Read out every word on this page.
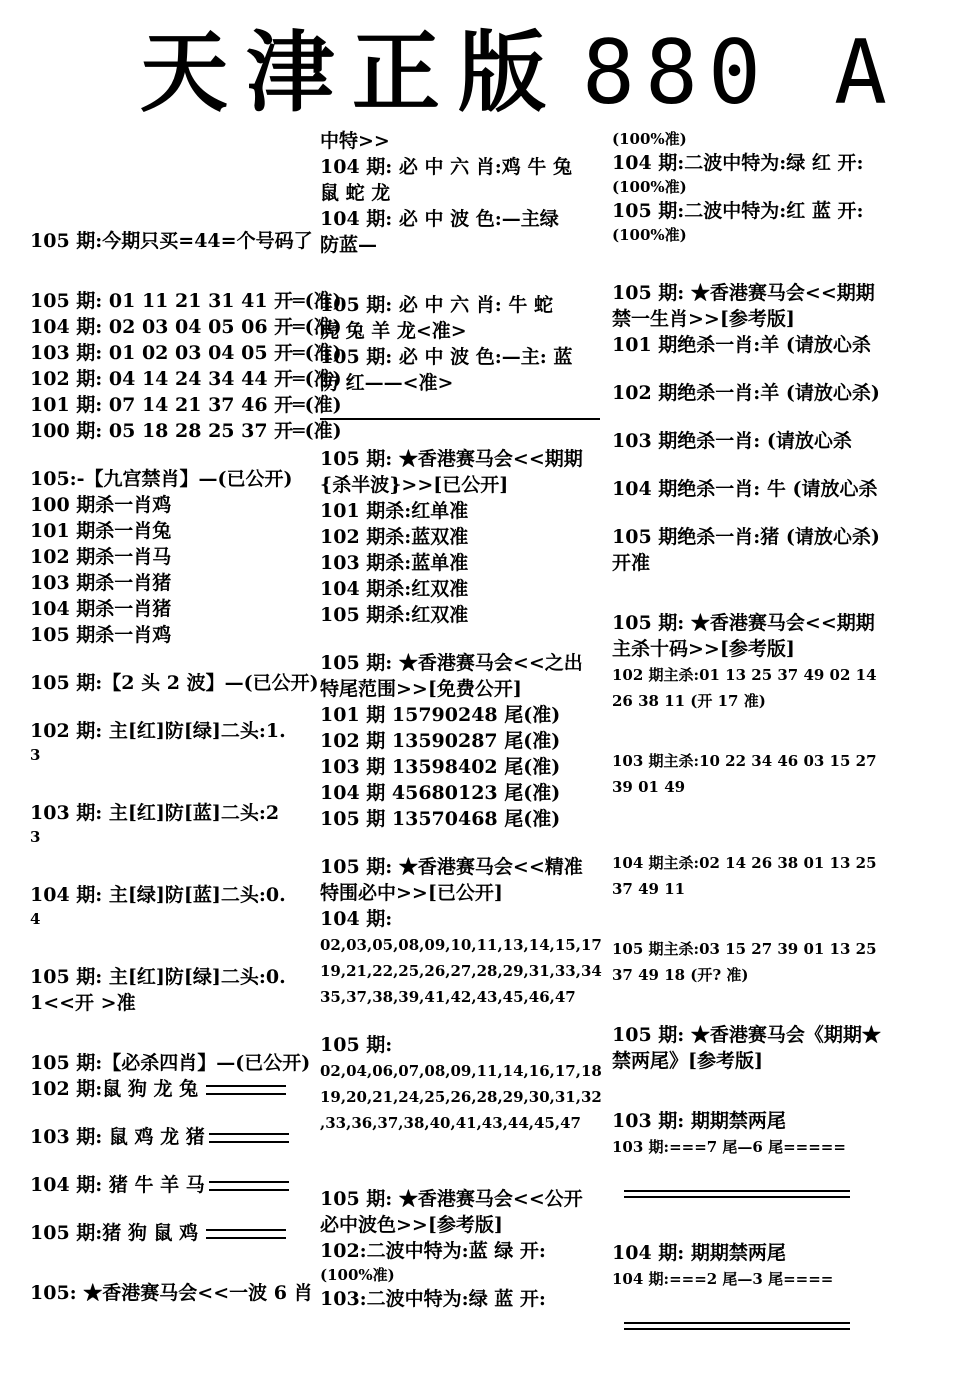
天津正版 880 A
105 期:今期只买=44=个号码了
105 期: 01 11 21 31 41 开═(准)
104 期: 02 03 04 05 06 开═(准)
103 期: 01 02 03 04 05 开═(准)
102 期: 04 14 24 34 44 开═(准)
101 期: 07 14 21 37 46 开═(准)
100 期: 05 18 28 25 37 开═(准)
105:-【九宫禁肖】—(已公开)
100 期杀一肖鸡
101 期杀一肖兔
102 期杀一肖马
103 期杀一肖猪
104 期杀一肖猪
105 期杀一肖鸡
105 期:【2 头 2 波】—(已公开)
102 期: 主[红]防[绿]二头:1.
3
103 期: 主[红]防[蓝]二头:2
3
104 期: 主[绿]防[蓝]二头:0.
4
105 期: 主[红]防[绿]二头:0.
1<<开 >准
105 期:【必杀四肖】—(已公开)
102 期:鼠 狗 龙 兔
103 期: 鼠 鸡 龙 猪
104 期: 猪 牛 羊 马
105 期:猪 狗 鼠 鸡
105: ★香港赛马会<<一波 6 肖
中特>>
104 期: 必 中 六 肖:鸡 牛 兔
鼠 蛇 龙
104 期: 必 中 波 色:—主绿
防蓝—
105 期: 必 中 六 肖: 牛 蛇
虎 兔 羊 龙<准>
105 期: 必 中 波 色:—主: 蓝
防 红——<准>
105 期: ★香港赛马会<<期期
{杀半波}>>[已公开]
101 期杀:红单准
102 期杀:蓝双准
103 期杀:蓝单准
104 期杀:红双准
105 期杀:红双准
105 期: ★香港赛马会<<之出
特尾范围>>[免费公开]
101 期 15790248 尾(准)
102 期 13590287 尾(准)
103 期 13598402 尾(准)
104 期 45680123 尾(准)
105 期 13570468 尾(准)
105 期: ★香港赛马会<<精准
特围必中>>[已公开]
104 期:
02,03,05,08,09,10,11,13,14,15,17
19,21,22,25,26,27,28,29,31,33,34
35,37,38,39,41,42,43,45,46,47
105 期:
02,04,06,07,08,09,11,14,16,17,18
19,20,21,24,25,26,28,29,30,31,32
,33,36,37,38,40,41,43,44,45,47
105 期: ★香港赛马会<<公开
必中波色>>[参考版]
102:二波中特为:蓝 绿 开:
(100%准)
103:二波中特为:绿 蓝 开:
(100%准)
104 期:二波中特为:绿 红 开:
(100%准)
105 期:二波中特为:红 蓝 开:
(100%准)
105 期: ★香港赛马会<<期期
禁一生肖>>[参考版]
101 期绝杀一肖:羊 (请放心杀
102 期绝杀一肖:羊 (请放心杀)
103 期绝杀一肖: (请放心杀
104 期绝杀一肖: 牛 (请放心杀
105 期绝杀一肖:猪 (请放心杀)
开准
105 期: ★香港赛马会<<期期
主杀十码>>[参考版]
102 期主杀:01 13 25 37 49 02 14
26 38 11 (开 17 准)
103 期主杀:10 22 34 46 03 15 27
39 01 49
104 期主杀:02 14 26 38 01 13 25
37 49 11
105 期主杀:03 15 27 39 01 13 25
37 49 18 (开? 准)
105 期: ★香港赛马会《期期★
禁两尾》[参考版]
103 期: 期期禁两尾
103 期:===7 尾—6 尾=====
104 期: 期期禁两尾
104 期:===2 尾—3 尾====
